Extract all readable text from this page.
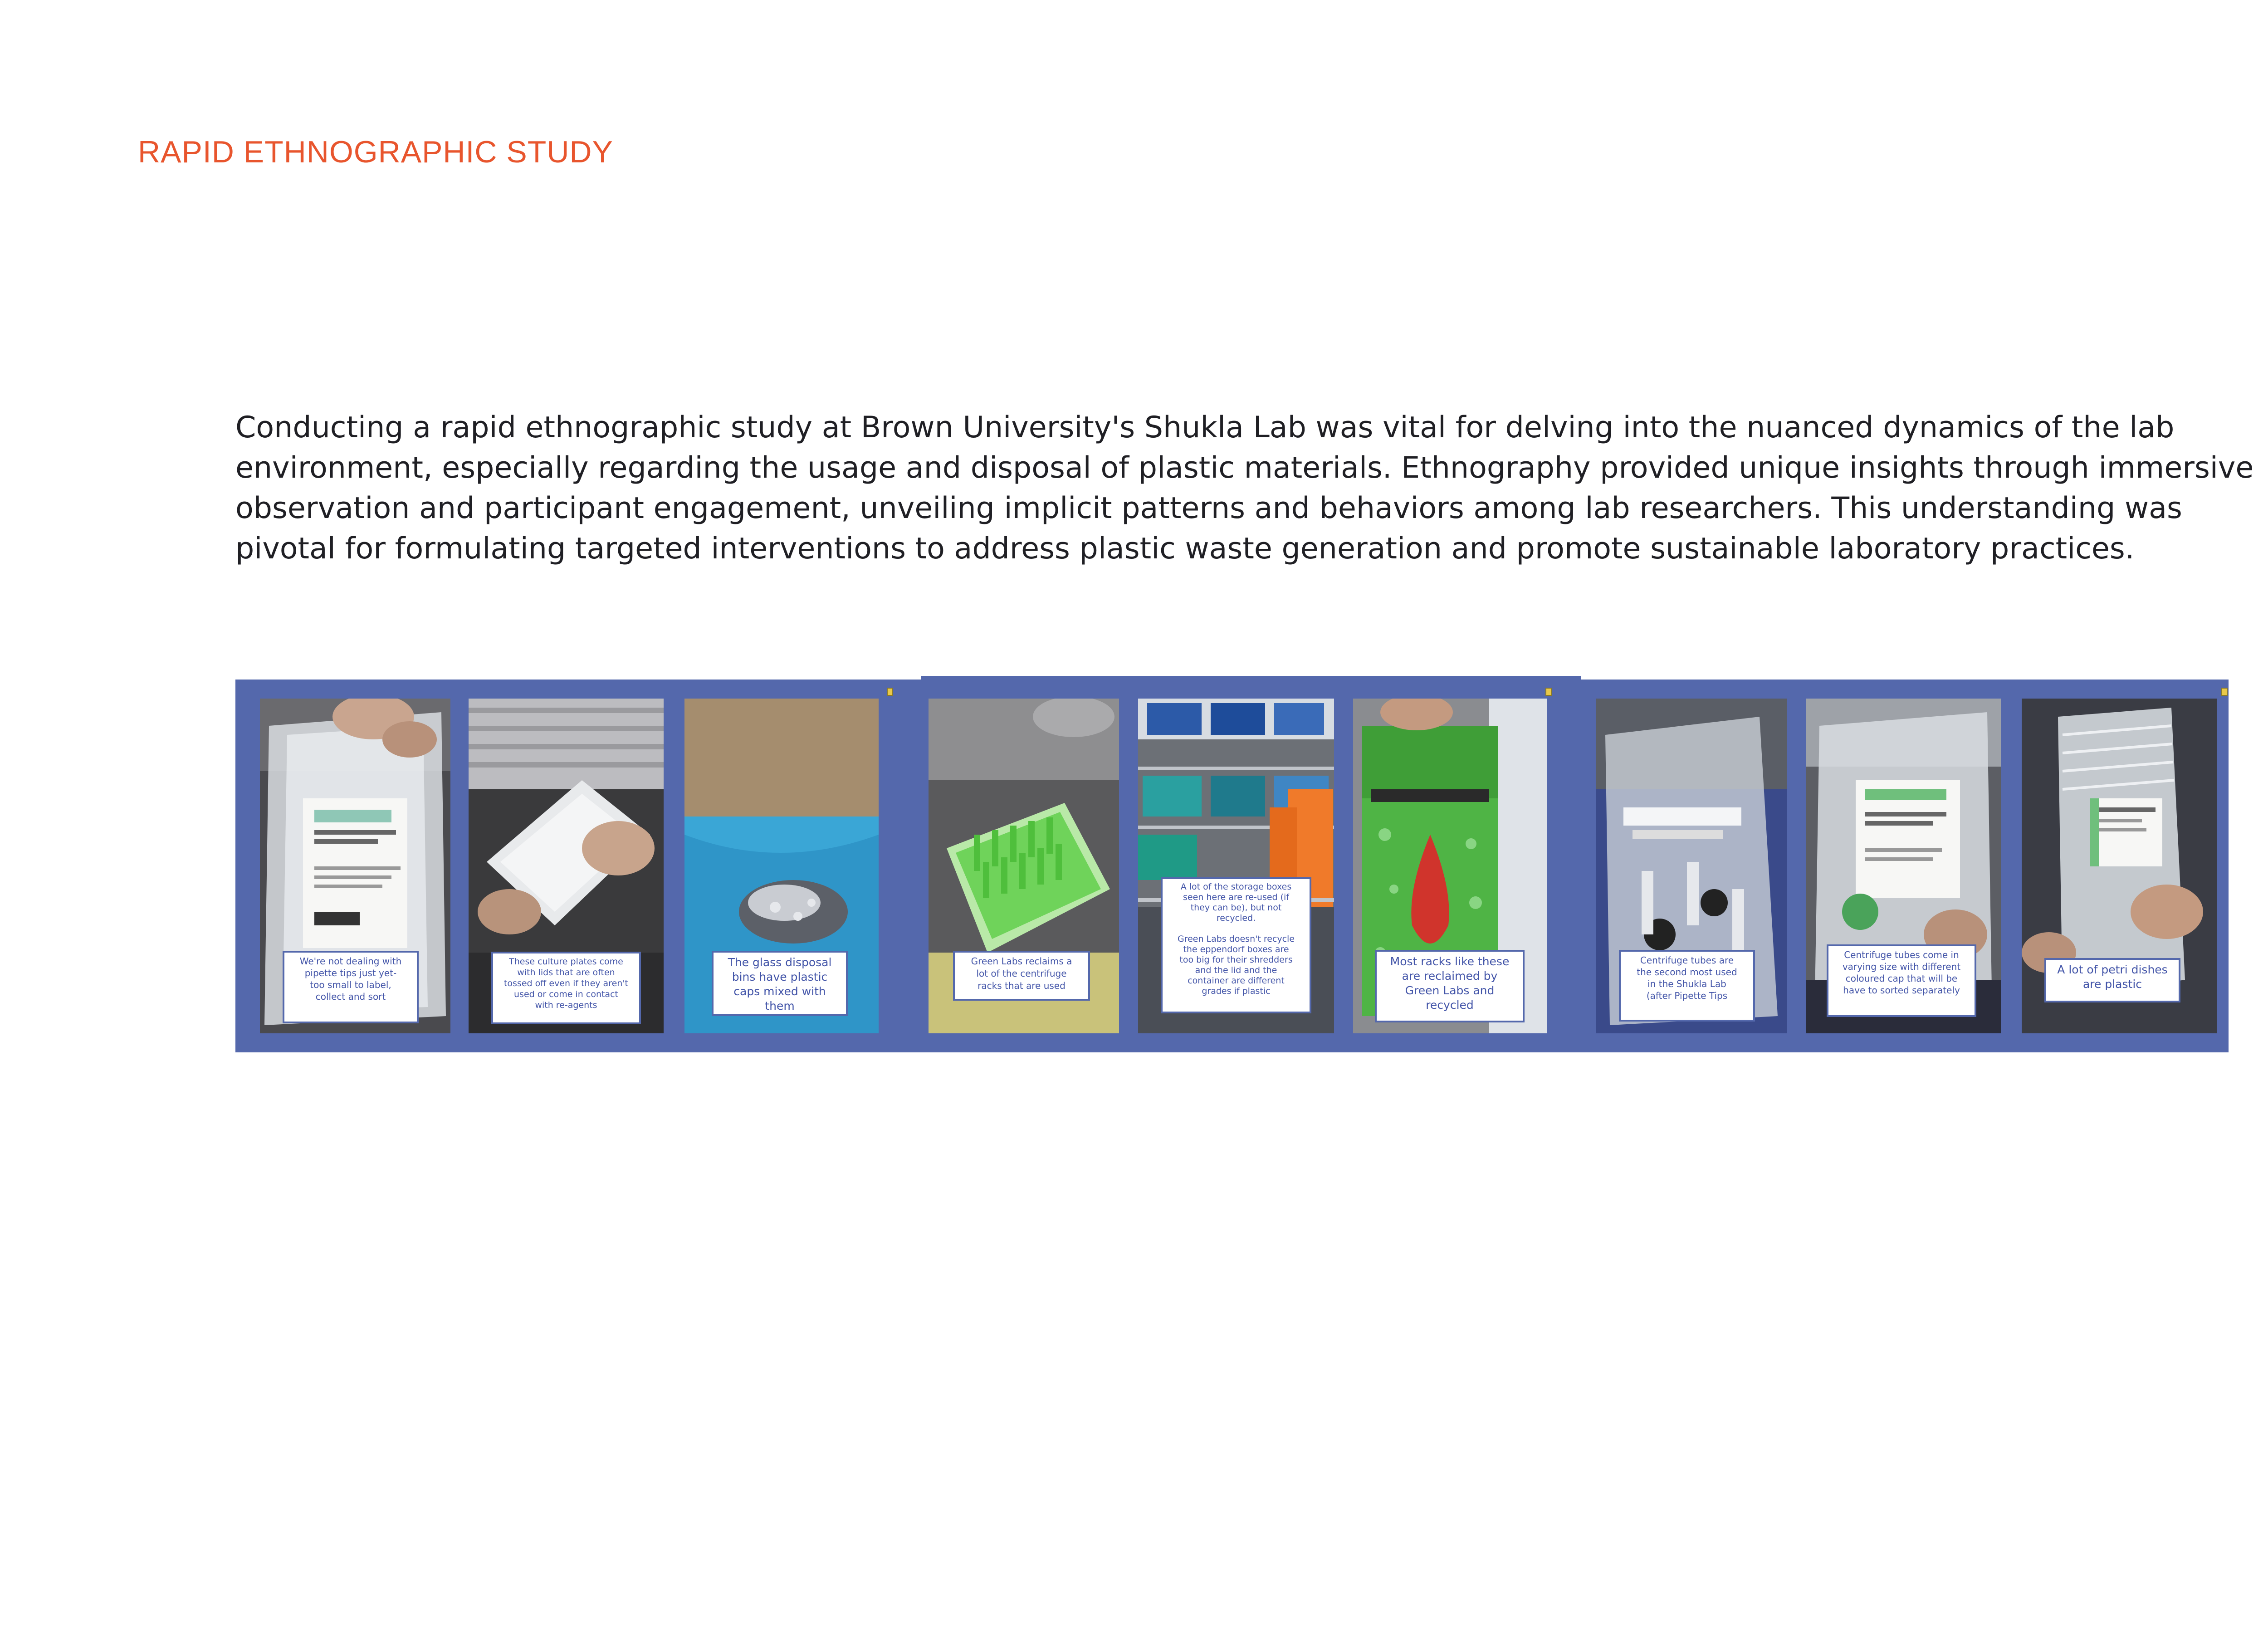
RAPID ETHNOGRAPHIC STUDY

Conducting a rapid ethnographic study at Brown University's Shukla Lab was vital for delving into the nuanced dynamics of the lab environment, especially regarding the usage and disposal of plastic materials. Ethnography provided unique insights through immersive observation and participant engagement, unveiling implicit patterns and behaviors among lab researchers. This understanding was pivotal for formulating targeted interventions to address plastic waste generation and promote sustainable laboratory practices.

We're not dealing with
pipette tips just yet-
too small to label,
collect and sort
These culture plates come
with lids that are often
tossed off even if they aren't
used or come in contact
with re-agents
The glass disposal
bins have plastic
caps mixed with them
Green Labs reclaims a
lot of the centrifuge
racks that are used
A lot of the storage boxes
seen here are re-used (if
they can be), but not
recycled.

Green Labs doesn't recycle
the eppendorf boxes are
too big for their shredders
and the lid and the
container are different
grades if plastic
Most racks like these
are reclaimed by
Green Labs and
recycled
Centrifuge tubes are
the second most used
in the Shukla Lab
(after Pipette Tips
Centrifuge tubes come in
varying size with different
coloured cap that will be
have to sorted separately
A lot of petri dishes
are plastic
